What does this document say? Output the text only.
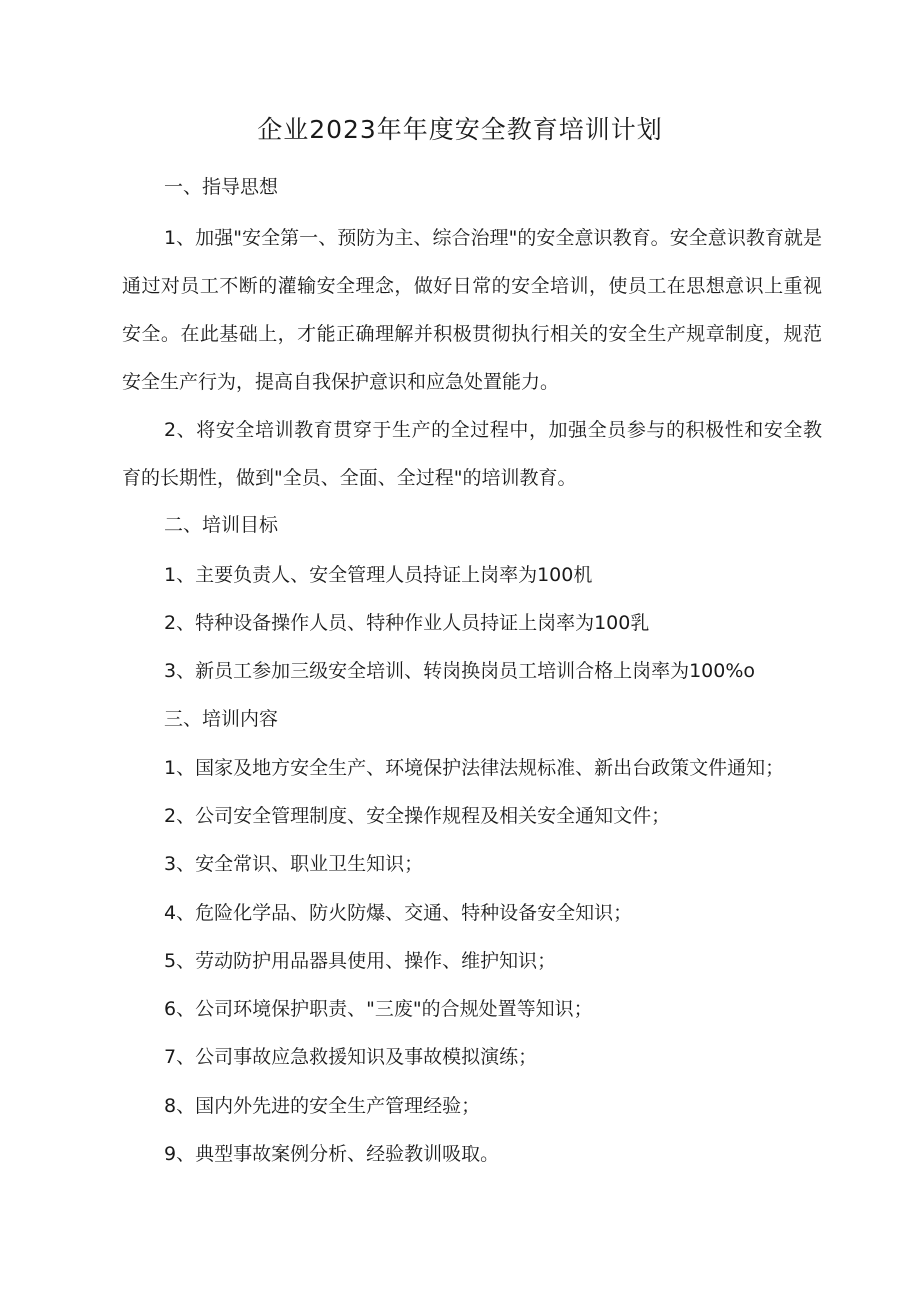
企业2023年年度安全教育培训计划

一、指导思想

1、加强"安全第一、预防为主、综合治理"的安全意识教育。安全意识教育就是通过对员工不断的灌输安全理念，做好日常的安全培训，使员工在思想意识上重视安全。在此基础上，才能正确理解并积极贯彻执行相关的安全生产规章制度，规范安全生产行为，提高自我保护意识和应急处置能力。

2、将安全培训教育贯穿于生产的全过程中，加强全员参与的积极性和安全教育的长期性，做到"全员、全面、全过程"的培训教育。

二、培训目标

1、主要负责人、安全管理人员持证上岗率为100机

2、特种设备操作人员、特种作业人员持证上岗率为100乳

3、新员工参加三级安全培训、转岗换岗员工培训合格上岗率为100%o

三、培训内容

1、国家及地方安全生产、环境保护法律法规标准、新出台政策文件通知；

2、公司安全管理制度、安全操作规程及相关安全通知文件；

3、安全常识、职业卫生知识；

4、危险化学品、防火防爆、交通、特种设备安全知识；

5、劳动防护用品器具使用、操作、维护知识；

6、公司环境保护职责、"三废"的合规处置等知识；

7、公司事故应急救援知识及事故模拟演练；

8、国内外先进的安全生产管理经验；

9、典型事故案例分析、经验教训吸取。
